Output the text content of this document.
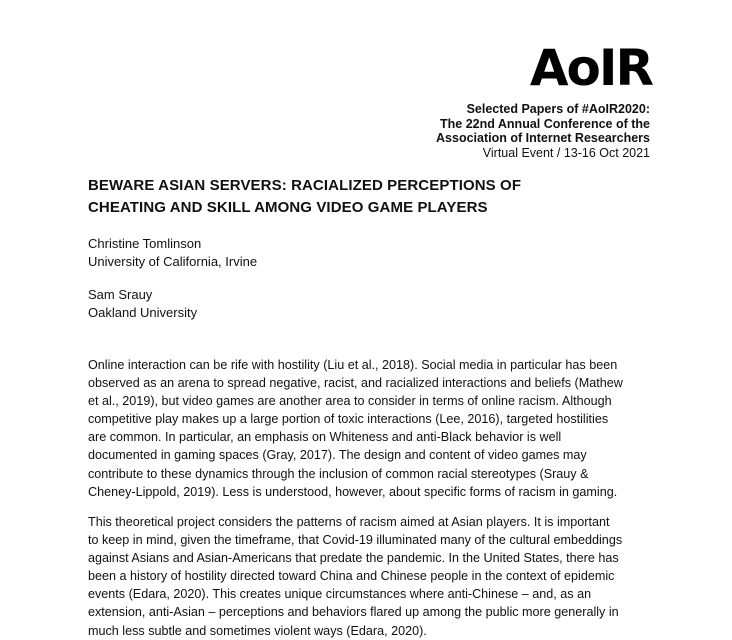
AoIR
Selected Papers of #AoIR2020:
The 22nd Annual Conference of the
Association of Internet Researchers
Virtual Event / 13-16 Oct 2021
BEWARE ASIAN SERVERS: RACIALIZED PERCEPTIONS OF
CHEATING AND SKILL AMONG VIDEO GAME PLAYERS
Christine Tomlinson
University of California, Irvine
Sam Srauy
Oakland University

Online interaction can be rife with hostility (Liu et al., 2018). Social media in particular has been
observed as an arena to spread negative, racist, and racialized interactions and beliefs (Mathew
et al., 2019), but video games are another area to consider in terms of online racism. Although
competitive play makes up a large portion of toxic interactions (Lee, 2016), targeted hostilities
are common. In particular, an emphasis on Whiteness and anti-Black behavior is well
documented in gaming spaces (Gray, 2017). The design and content of video games may
contribute to these dynamics through the inclusion of common racial stereotypes (Srauy &
Cheney-Lippold, 2019). Less is understood, however, about specific forms of racism in gaming.

This theoretical project considers the patterns of racism aimed at Asian players. It is important
to keep in mind, given the timeframe, that Covid-19 illuminated many of the cultural embeddings
against Asians and Asian-Americans that predate the pandemic. In the United States, there has
been a history of hostility directed toward China and Chinese people in the context of epidemic
events (Edara, 2020). This creates unique circumstances where anti-Chinese – and, as an
extension, anti-Asian – perceptions and behaviors flared up among the public more generally in
much less subtle and sometimes violent ways (Edara, 2020).
